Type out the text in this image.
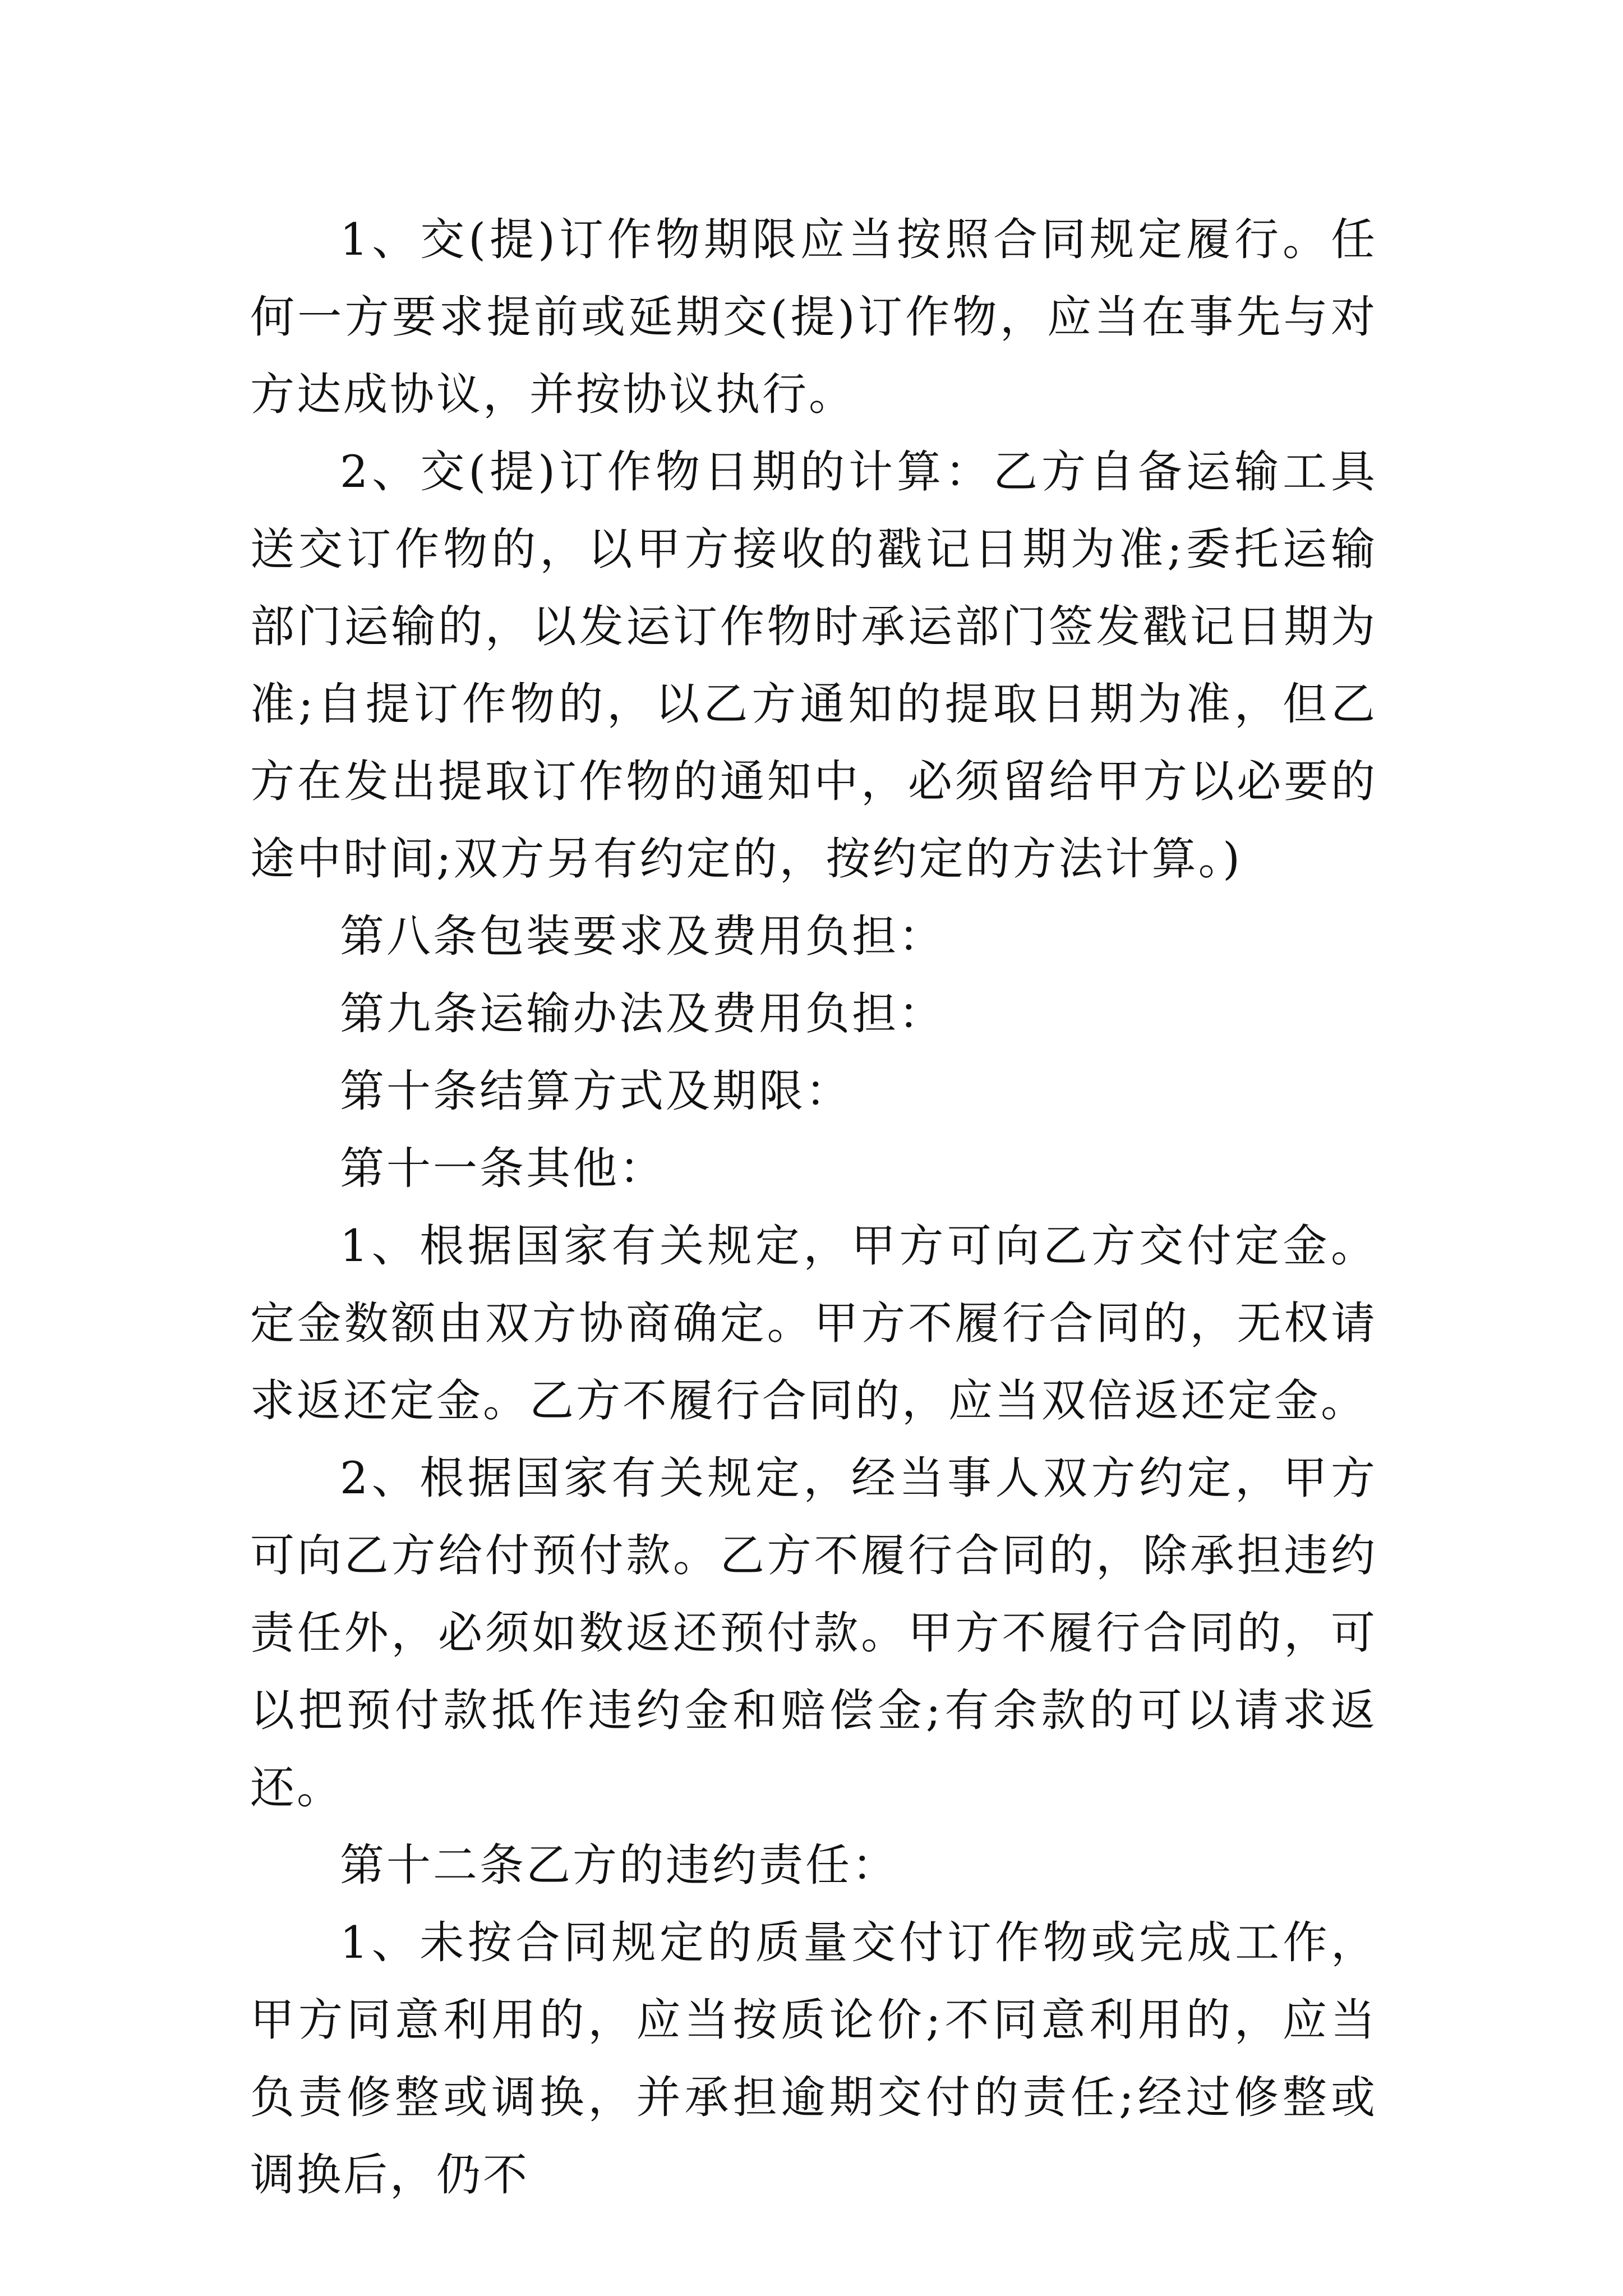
1、交(提)订作物期限应当按照合同规定履行。任何一方要求提前或延期交(提)订作物，应当在事先与对方达成协议，并按协议执行。

2、交(提)订作物日期的计算：乙方自备运输工具送交订作物的，以甲方接收的戳记日期为准;委托运输部门运输的，以发运订作物时承运部门签发戳记日期为准;自提订作物的，以乙方通知的提取日期为准，但乙方在发出提取订作物的通知中，必须留给甲方以必要的途中时间;双方另有约定的，按约定的方法计算。)

第八条包装要求及费用负担：

第九条运输办法及费用负担：

第十条结算方式及期限：

第十一条其他：

1、根据国家有关规定，甲方可向乙方交付定金。定金数额由双方协商确定。甲方不履行合同的，无权请求返还定金。乙方不履行合同的，应当双倍返还定金。

2、根据国家有关规定，经当事人双方约定，甲方可向乙方给付预付款。乙方不履行合同的，除承担违约责任外，必须如数返还预付款。甲方不履行合同的，可以把预付款抵作违约金和赔偿金;有余款的可以请求返还。

第十二条乙方的违约责任：

1、未按合同规定的质量交付订作物或完成工作，甲方同意利用的，应当按质论价;不同意利用的，应当负责修整或调换，并承担逾期交付的责任;经过修整或调换后，仍不
